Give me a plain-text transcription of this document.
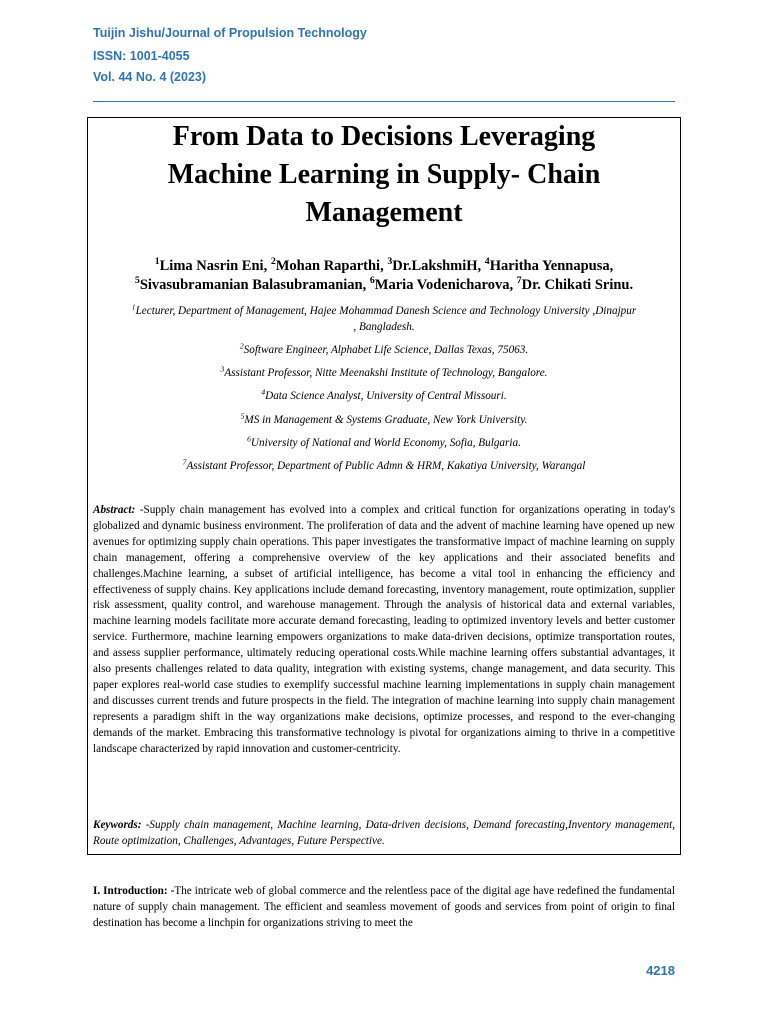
Tuijin Jishu/Journal of Propulsion Technology
ISSN: 1001-4055
Vol. 44 No. 4 (2023)
From Data to Decisions Leveraging
Machine Learning in Supply- Chain
Management
$^1$Lima Nasrin Eni, $^2$Mohan Raparthi, $^3$Dr.LakshmiH, $^4$Haritha Yennapusa,
$^5$Sivasubramanian Balasubramanian, $^6$Maria Vodenicharova, $^7$Dr. Chikati Srinu.
$^1$Lecturer, Department of Management, Hajee Mohammad Danesh Science and Technology University ,Dinajpur
, Bangladesh.
$^2$Software Engineer, Alphabet Life Science, Dallas Texas, 75063.
$^3$Assistant Professor, Nitte Meenakshi Institute of Technology, Bangalore.
$^4$Data Science Analyst, University of Central Missouri.
$^5$MS in Management & Systems Graduate, New York University.
$^6$University of National and World Economy, Sofia, Bulgaria.
$^7$Assistant Professor, Department of Public Admn & HRM, Kakatiya University, Warangal
Abstract: -Supply chain management has evolved into a complex and critical function for organizations operating in today's globalized and dynamic business environment. The proliferation of data and the advent of machine learning have opened up new avenues for optimizing supply chain operations. This paper investigates the transformative impact of machine learning on supply chain management, offering a comprehensive overview of the key applications and their associated benefits and challenges.Machine learning, a subset of artificial intelligence, has become a vital tool in enhancing the efficiency and effectiveness of supply chains. Key applications include demand forecasting, inventory management, route optimization, supplier risk assessment, quality control, and warehouse management. Through the analysis of historical data and external variables, machine learning models facilitate more accurate demand forecasting, leading to optimized inventory levels and better customer service. Furthermore, machine learning empowers organizations to make data-driven decisions, optimize transportation routes, and assess supplier performance, ultimately reducing operational costs.While machine learning offers substantial advantages, it also presents challenges related to data quality, integration with existing systems, change management, and data security. This paper explores real-world case studies to exemplify successful machine learning implementations in supply chain management and discusses current trends and future prospects in the field. The integration of machine learning into supply chain management represents a paradigm shift in the way organizations make decisions, optimize processes, and respond to the ever-changing demands of the market. Embracing this transformative technology is pivotal for organizations aiming to thrive in a competitive landscape characterized by rapid innovation and customer-centricity.
Keywords: -Supply chain management, Machine learning, Data-driven decisions, Demand forecasting,Inventory management, Route optimization, Challenges, Advantages, Future Perspective.
I. Introduction: -The intricate web of global commerce and the relentless pace of the digital age have redefined the fundamental nature of supply chain management. The efficient and seamless movement of goods and services from point of origin to final destination has become a linchpin for organizations striving to meet the
4218
